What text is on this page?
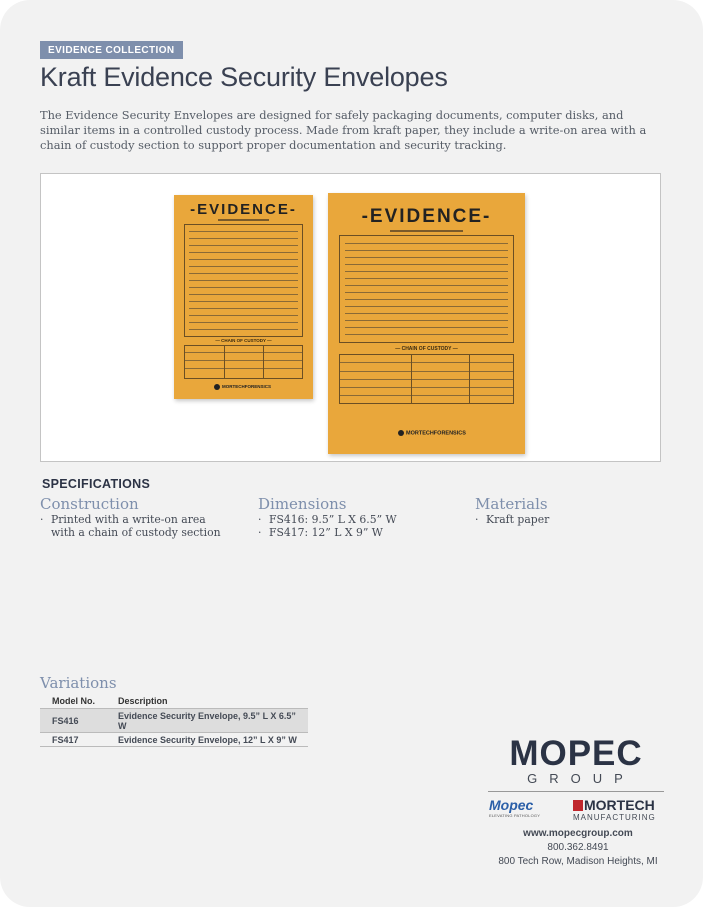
EVIDENCE COLLECTION
Kraft Evidence Security Envelopes

The Evidence Security Envelopes are designed for safely packaging documents, computer disks, and similar items in a controlled custody process. Made from kraft paper, they include a write-on area with a chain of custody section to support proper documentation and security tracking.

-EVIDENCE-
— CHAIN OF CUSTODY —
MORTECHFORENSICS
-EVIDENCE-
— CHAIN OF CUSTODY —
MORTECHFORENSICS
SPECIFICATIONS
Construction
· Printed with a write-on area with a chain of custody section
Dimensions
· FS416: 9.5” L X 6.5” W
· FS417: 12” L X 9” W
Materials
· Kraft paper
Variations
Model No.	Description
FS416	Evidence Security Envelope, 9.5” L X 6.5” W
FS417	Evidence Security Envelope, 12” L X 9” W	MOPEC
GROUP
Mopec
ELEVATING PATHOLOGY
MORTECH
MANUFACTURING

www.mopecgroup.com

800.362.8491

800 Tech Row, Madison Heights, MI
